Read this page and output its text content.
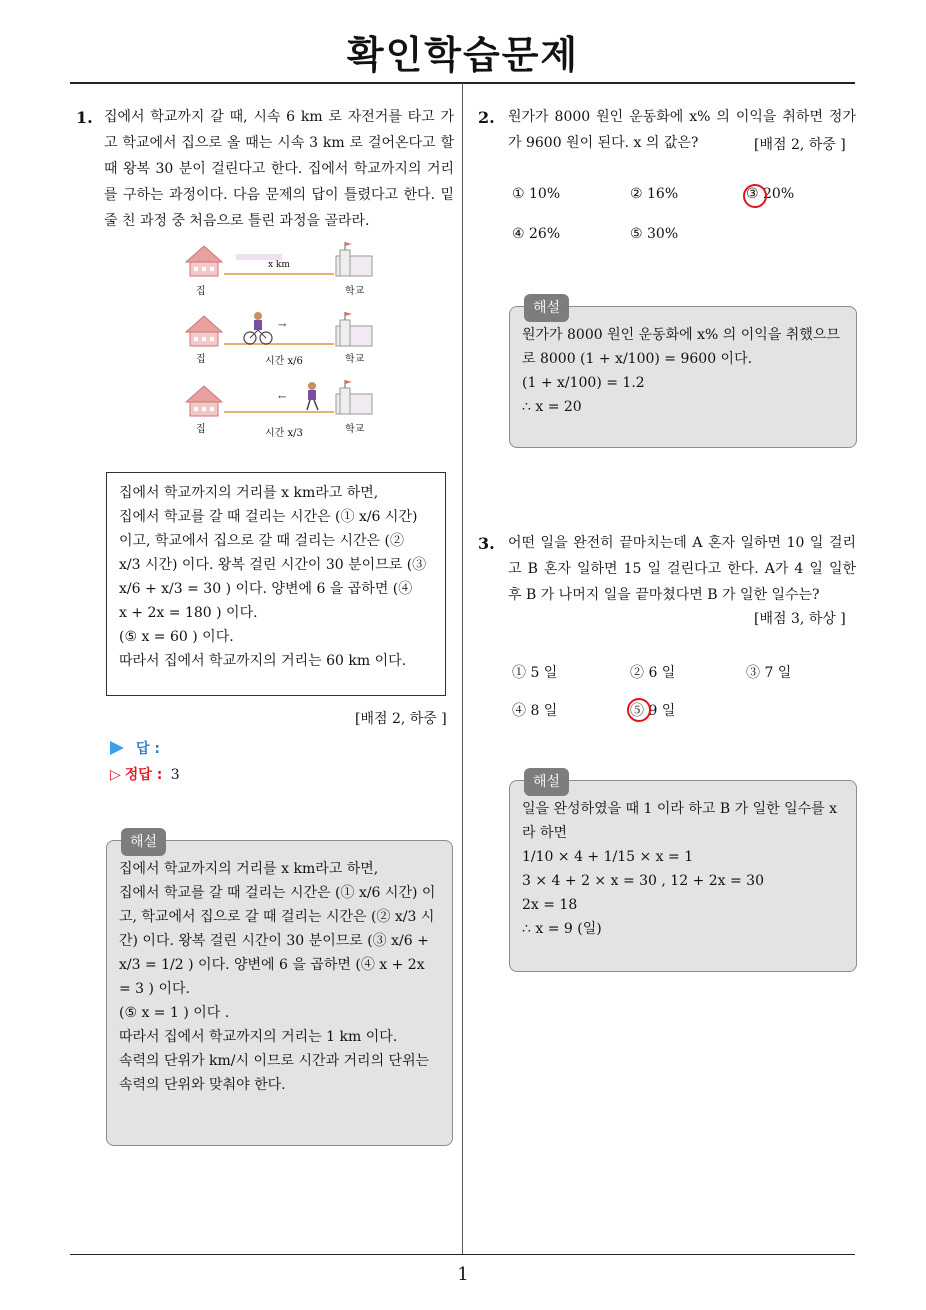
확인학습문제
1. 집에서 학교까지 갈 때, 시속 6 km 로 자전거를 타고 가고 학교에서 집으로 올 때는 시속 3 km 로 걸어온다고 할 때 왕복 30 분이 걸린다고 한다. 집에서 학교까지의 거리를 구하는 과정이다. 다음 문제의 답이 틀렸다고 한다. 밑줄 친 과정 중 처음으로 틀린 과정을 골라라.
→
←
집	학교
x km
집	학교
시간 x/6
집	학교
시간 x/3
집에서 학교까지의 거리를 x km라고 하면,
집에서 학교를 갈 때 걸리는 시간은 (① x/6 시간)
이고, 학교에서 집으로 갈 때 걸리는 시간은 (②
x/3 시간) 이다. 왕복 걸린 시간이 30 분이므로 (③
x/6 + x/3 = 30 ) 이다. 양변에 6 을 곱하면 (④
x + 2x = 180 ) 이다.
(⑤ x = 60 ) 이다.
따라서 집에서 학교까지의 거리는 60 km 이다.
[배점 2, 하중 ]
답 :
▷ 정답 : 3
해설
집에서 학교까지의 거리를 x km라고 하면,
집에서 학교를 갈 때 걸리는 시간은 (① x/6 시간) 이고, 학교에서 집으로 갈 때 걸리는 시간은 (② x/3 시간) 이다. 왕복 걸린 시간이 30 분이므로 (③ x/6 + x/3 = 1/2 ) 이다. 양변에 6 을 곱하면 (④ x + 2x = 3 ) 이다.
(⑤ x = 1 ) 이다 .
따라서 집에서 학교까지의 거리는 1 km 이다.
속력의 단위가 km/시 이므로 시간과 거리의 단위는 속력의 단위와 맞춰야 한다.
2. 원가가 8000 원인 운동화에 x% 의 이익을 취하면 정가가 9600 원이 된다. x 의 값은?	[배점 2, 하중 ]
① 10%	② 16%	③ 20%
④ 26%	⑤ 30%
해설
원가가 8000 원인 운동화에 x% 의 이익을 취했으므로 8000 (1 + x/100) = 9600 이다.
(1 + x/100) = 1.2
∴ x = 20
3. 어떤 일을 완전히 끝마치는데 A 혼자 일하면 10 일 걸리고 B 혼자 일하면 15 일 걸린다고 한다. A가 4 일 일한 후 B 가 나머지 일을 끝마쳤다면 B 가 일한 일수는?
[배점 3, 하상 ]
① 5 일	② 6 일	③ 7 일
④ 8 일	⑤ 9 일
해설
일을 완성하였을 때 1 이라 하고 B 가 일한 일수를 x 라 하면
1/10 × 4 + 1/15 × x = 1
3 × 4 + 2 × x = 30 , 12 + 2x = 30
2x = 18
∴ x = 9 (일)
1
